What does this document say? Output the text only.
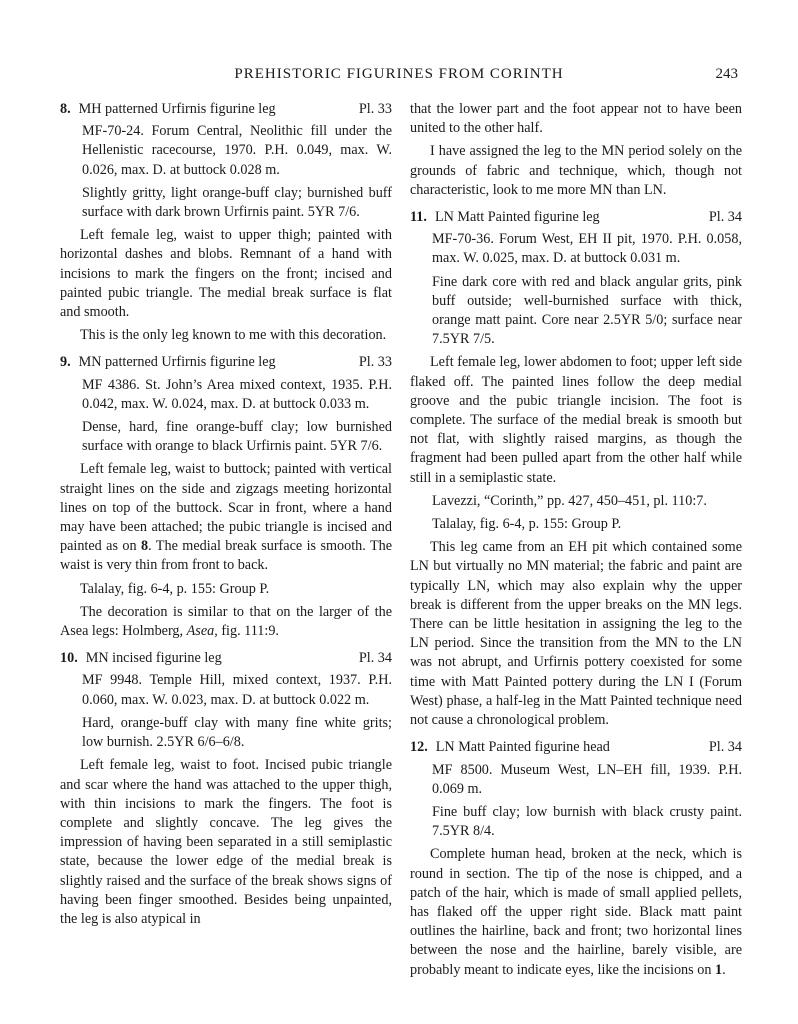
PREHISTORIC FIGURINES FROM CORINTH	243

8. MH patterned Urfirnis figurine leg	Pl. 33

MF-70-24. Forum Central, Neolithic fill under the Hellenistic racecourse, 1970. P.H. 0.049, max. W. 0.026, max. D. at buttock 0.028 m.

Slightly gritty, light orange-buff clay; burnished buff surface with dark brown Urfirnis paint. 5YR 7/6.

Left female leg, waist to upper thigh; painted with horizontal dashes and blobs. Remnant of a hand with incisions to mark the fingers on the front; incised and painted pubic triangle. The medial break surface is flat and smooth.

This is the only leg known to me with this decoration.

9. MN patterned Urfirnis figurine leg	Pl. 33

MF 4386. St. John’s Area mixed context, 1935. P.H. 0.042, max. W. 0.024, max. D. at buttock 0.033 m.

Dense, hard, fine orange-buff clay; low burnished surface with orange to black Urfirnis paint. 5YR 7/6.

Left female leg, waist to buttock; painted with vertical straight lines on the side and zigzags meeting horizontal lines on top of the buttock. Scar in front, where a hand may have been attached; the pubic triangle is incised and painted as on 8. The medial break surface is smooth. The waist is very thin from front to back.

Talalay, fig. 6-4, p. 155: Group P.

The decoration is similar to that on the larger of the Asea legs: Holmberg, Asea, fig. 111:9.

10. MN incised figurine leg	Pl. 34

MF 9948. Temple Hill, mixed context, 1937. P.H. 0.060, max. W. 0.023, max. D. at buttock 0.022 m.

Hard, orange-buff clay with many fine white grits; low burnish. 2.5YR 6/6–6/8.

Left female leg, waist to foot. Incised pubic triangle and scar where the hand was attached to the upper thigh, with thin incisions to mark the fingers. The foot is complete and slightly concave. The leg gives the impression of having been separated in a still semiplastic state, because the lower edge of the medial break is slightly raised and the surface of the break shows signs of having been finger smoothed. Besides being unpainted, the leg is also atypical in

that the lower part and the foot appear not to have been united to the other half.

I have assigned the leg to the MN period solely on the grounds of fabric and technique, which, though not characteristic, look to me more MN than LN.

11. LN Matt Painted figurine leg	Pl. 34

MF-70-36. Forum West, EH II pit, 1970. P.H. 0.058, max. W. 0.025, max. D. at buttock 0.031 m.

Fine dark core with red and black angular grits, pink buff outside; well-burnished surface with thick, orange matt paint. Core near 2.5YR 5/0; surface near 7.5YR 7/5.

Left female leg, lower abdomen to foot; upper left side flaked off. The painted lines follow the deep medial groove and the pubic triangle incision. The foot is complete. The surface of the medial break is smooth but not flat, with slightly raised margins, as though the fragment had been pulled apart from the other half while still in a semiplastic state.

Lavezzi, “Corinth,” pp. 427, 450–451, pl. 110:7.

Talalay, fig. 6-4, p. 155: Group P.

This leg came from an EH pit which contained some LN but virtually no MN material; the fabric and paint are typically LN, which may also explain why the upper break is different from the upper breaks on the MN legs. There can be little hesitation in assigning the leg to the LN period. Since the transition from the MN to the LN was not abrupt, and Urfirnis pottery coexisted for some time with Matt Painted pottery during the LN I (Forum West) phase, a half-leg in the Matt Painted technique need not cause a chronological problem.

12. LN Matt Painted figurine head	Pl. 34

MF 8500. Museum West, LN–EH fill, 1939. P.H. 0.069 m.

Fine buff clay; low burnish with black crusty paint. 7.5YR 8/4.

Complete human head, broken at the neck, which is round in section. The tip of the nose is chipped, and a patch of the hair, which is made of small applied pellets, has flaked off the upper right side. Black matt paint outlines the hairline, back and front; two horizontal lines between the nose and the hairline, barely visible, are probably meant to indicate eyes, like the incisions on 1.
